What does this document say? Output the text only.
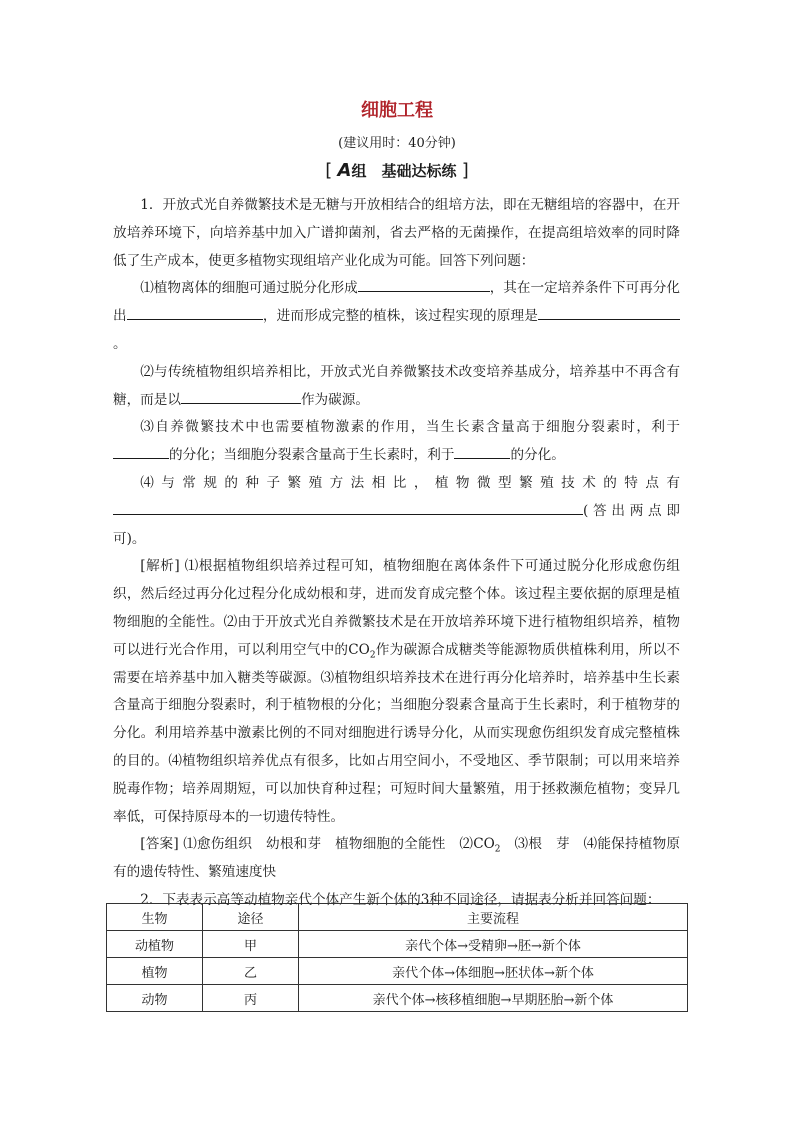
细胞工程
(建议用时：40分钟)
[ A组　基础达标练 ]

1．开放式光自养微繁技术是无糖与开放相结合的组培方法，即在无糖组培的容器中，在开放培养环境下，向培养基中加入广谱抑菌剂，省去严格的无菌操作，在提高组培效率的同时降低了生产成本，使更多植物实现组培产业化成为可能。回答下列问题：

⑴植物离体的细胞可通过脱分化形成	，其在一定培养条件下可再分化出	，进而形成完整的植株，该过程实现的原理是。

⑵与传统植物组织培养相比，开放式光自养微繁技术改变培养基成分，培养基中不再含有糖，而是以	作为碳源。

⑶自养微繁技术中也需要植物激素的作用，当生长素含量高于细胞分裂素时，利于的分化；当细胞分裂素含量高于生长素时，利于	的分化。

⑷与常规的种子繁殖方法相比，植物微型繁殖技术的特点有(答出两点即可)。

[解析] ⑴根据植物组织培养过程可知，植物细胞在离体条件下可通过脱分化形成愈伤组织，然后经过再分化过程分化成幼根和芽，进而发育成完整个体。该过程主要依据的原理是植物细胞的全能性。⑵由于开放式光自养微繁技术是在开放培养环境下进行植物组织培养，植物可以进行光合作用，可以利用空气中的$CO_2$作为碳源合成糖类等能源物质供植株利用，所以不需要在培养基中加入糖类等碳源。⑶植物组织培养技术在进行再分化培养时，培养基中生长素含量高于细胞分裂素时，利于植物根的分化；当细胞分裂素含量高于生长素时，利于植物芽的分化。利用培养基中激素比例的不同对细胞进行诱导分化，从而实现愈伤组织发育成完整植株的目的。⑷植物组织培养优点有很多，比如占用空间小，不受地区、季节限制；可以用来培养脱毒作物；培养周期短，可以加快育种过程；可短时间大量繁殖，用于拯救濒危植物；变异几率低，可保持原母本的一切遗传特性。

[答案] ⑴愈伤组织　幼根和芽　植物细胞的全能性　$⑵CO_2$　⑶根　芽　⑷能保持植物原有的遗传特性、繁殖速度快

2．下表表示高等动植物亲代个体产生新个体的3种不同途径，请据表分析并回答问题：

生物	途径	主要流程
动植物	甲	亲代个体→受精卵→胚→新个体
植物	乙	亲代个体→体细胞→胚状体→新个体
动物	丙	亲代个体→核移植细胞→早期胚胎→新个体
